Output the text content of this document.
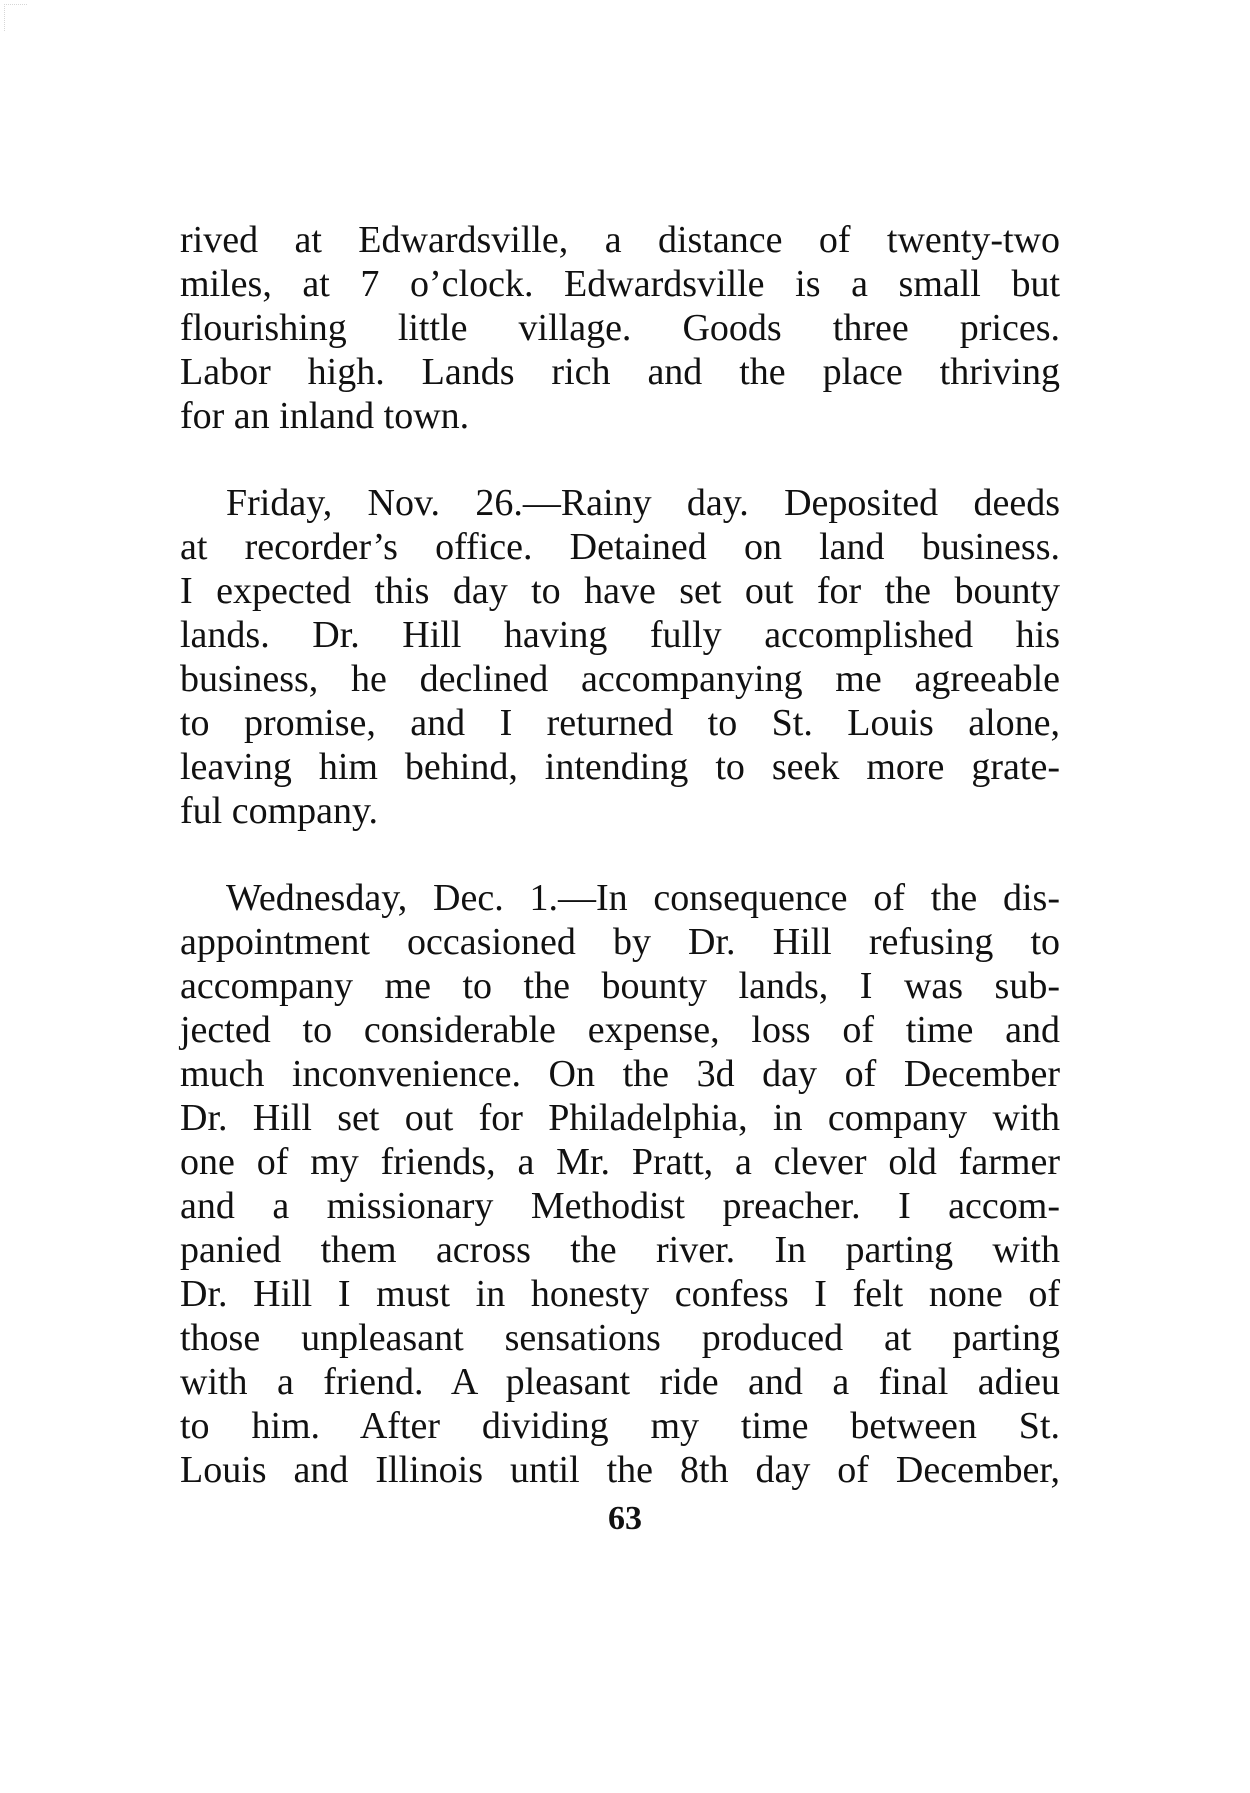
rived at Edwardsville, a distance of twenty-two
miles, at 7 o’clock. Edwardsville is a small but
flourishing little village. Goods three prices.
Labor high. Lands rich and the place thriving
for an inland town.
Friday, Nov. 26.—Rainy day. Deposited deeds
at recorder’s office. Detained on land business.
I expected this day to have set out for the bounty
lands. Dr. Hill having fully accomplished his
business, he declined accompanying me agreeable
to promise, and I returned to St. Louis alone,
leaving him behind, intending to seek more grate-
ful company.
Wednesday, Dec. 1.—In consequence of the dis-
appointment occasioned by Dr. Hill refusing to
accompany me to the bounty lands, I was sub-
jected to considerable expense, loss of time and
much inconvenience. On the 3d day of December
Dr. Hill set out for Philadelphia, in company with
one of my friends, a Mr. Pratt, a clever old farmer
and a missionary Methodist preacher. I accom-
panied them across the river. In parting with
Dr. Hill I must in honesty confess I felt none of
those unpleasant sensations produced at parting
with a friend. A pleasant ride and a final adieu
to him. After dividing my time between St.
Louis and Illinois until the 8th day of December,
63
